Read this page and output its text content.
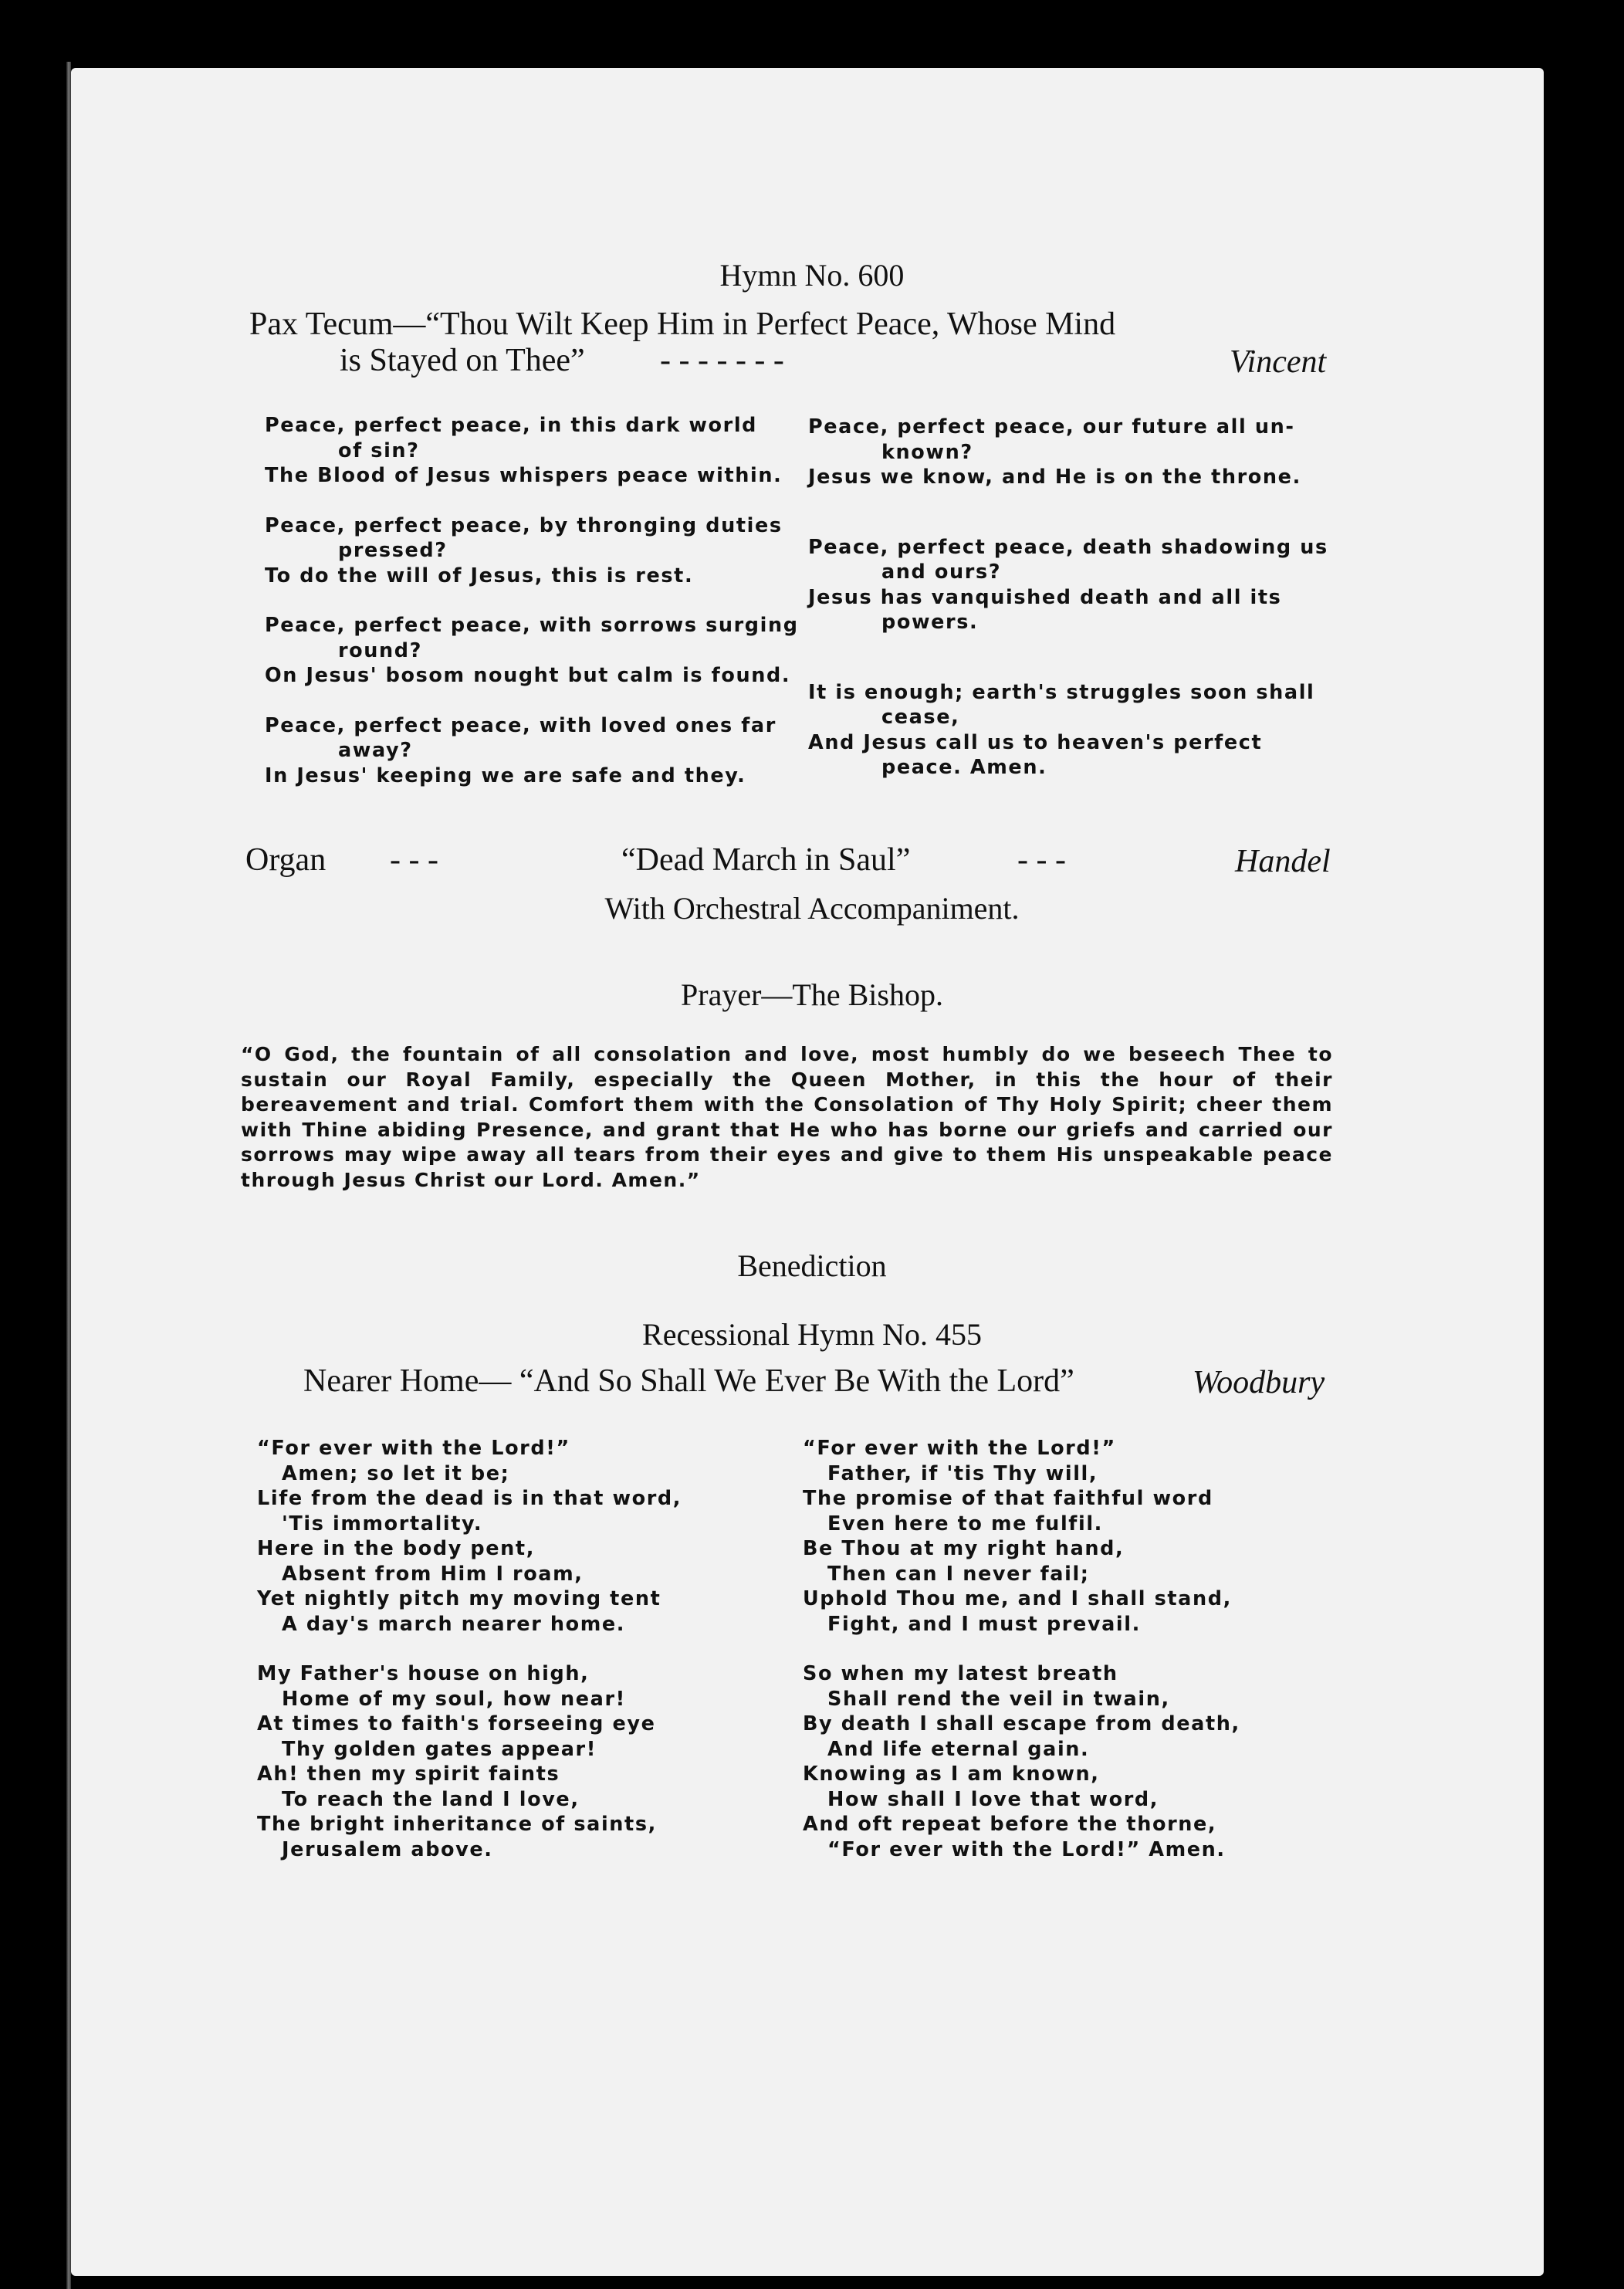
Hymn No. 600
Pax Tecum—“Thou Wilt Keep Him in Perfect Peace, Whose Mind
is Stayed on Thee” - - - - - - -	Vincent
Peace, perfect peace, in this dark world
of sin?
The Blood of Jesus whispers peace within.
Peace, perfect peace, by thronging duties
pressed?
To do the will of Jesus, this is rest.
Peace, perfect peace, with sorrows surging
round?
On Jesus' bosom nought but calm is found.
Peace, perfect peace, with loved ones far
away?
In Jesus' keeping we are safe and they.
Peace, perfect peace, our future all un-
known?
Jesus we know, and He is on the throne.
Peace, perfect peace, death shadowing us
and ours?
Jesus has vanquished death and all its
powers.
It is enough; earth's struggles soon shall
cease,
And Jesus call us to heaven's perfect
peace. Amen.
Organ - - -	“Dead March in Saul”	- - -	Handel
With Orchestral Accompaniment.
Prayer—The Bishop.
“O God, the fountain of all consolation and love, most humbly do we beseech Thee to sustain our Royal Family, especially the Queen Mother, in this the hour of their bereavement and trial. Comfort them with the Consolation of Thy Holy Spirit; cheer them with Thine abiding Presence, and grant that He who has borne our griefs and carried our sorrows may wipe away all tears from their eyes and give to them His unspeakable peace through Jesus Christ our Lord. Amen.”
Benediction
Recessional Hymn No. 455
Nearer Home— “And So Shall We Ever Be With the Lord”	Woodbury
“For ever with the Lord!”
Amen; so let it be;
Life from the dead is in that word,
'Tis immortality.
Here in the body pent,
Absent from Him I roam,
Yet nightly pitch my moving tent
A day's march nearer home.
My Father's house on high,
Home of my soul, how near!
At times to faith's forseeing eye
Thy golden gates appear!
Ah! then my spirit faints
To reach the land I love,
The bright inheritance of saints,
Jerusalem above.
“For ever with the Lord!”
Father, if 'tis Thy will,
The promise of that faithful word
Even here to me fulfil.
Be Thou at my right hand,
Then can I never fail;
Uphold Thou me, and I shall stand,
Fight, and I must prevail.
So when my latest breath
Shall rend the veil in twain,
By death I shall escape from death,
And life eternal gain.
Knowing as I am known,
How shall I love that word,
And oft repeat before the thorne,
“For ever with the Lord!” Amen.
